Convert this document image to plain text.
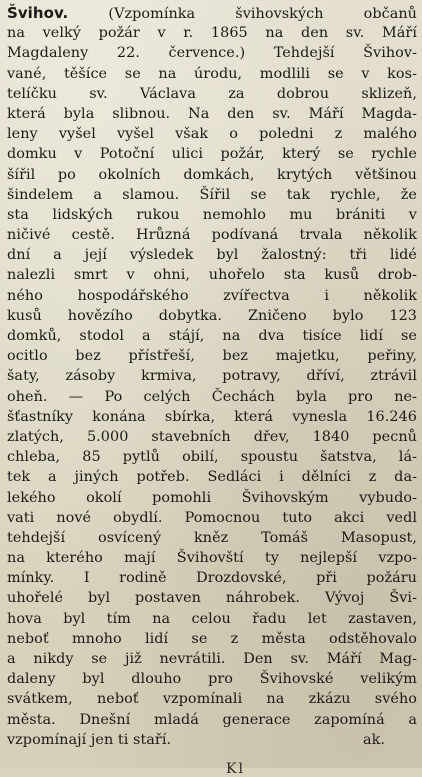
Švihov.	(Vzpomínka švihovských občanů
na velký požár v r. 1865 na den sv. Máří
Magdaleny 22. července.) Tehdejší Švihov-
vané, těšíce se na úrodu, modlili se v kos-
telíčku sv. Václava za dobrou sklizeň,
která byla slibnou. Na den sv. Máří Magda-
leny vyšel vyšel však o poledni z malého
domku v Potoční ulici požár, který se rychle
šířil po okolních domkách, krytých většinou
šindelem a slamou. Šířil se tak rychle, že
sta lidských rukou nemohlo mu brániti v
ničivé cestě. Hrůzná podívaná trvala několik
dní a její výsledek byl žalostný: tři lidé
nalezli smrt v ohni, uhořelo sta kusů drob-
ného hospodářského zvířectva i několik
kusů hovězího dobytka. Zničeno bylo 123
domků, stodol a stájí, na dva tisíce lidí se
ocitlo bez přístřeší, bez majetku, peřiny,
šaty, zásoby krmiva, potravy, dříví, ztrávil
oheň. — Po celých Čechách byla pro ne-
šťastníky konána sbírka, která vynesla 16.246
zlatých, 5.000 stavebních dřev, 1840 pecnů
chleba, 85 pytlů obilí, spoustu šatstva, lá-
tek a jiných potřeb. Sedláci i dělníci z da-
lekého okolí pomohli Švihovským vybudo-
vati nové obydlí. Pomocnou tuto akci vedl
tehdejší osvícený kněz Tomáš Masopust,
na kterého mají Švihovští ty nejlepší vzpo-
mínky. I rodině Drozdovské, při požáru
uhořelé byl postaven náhrobek. Vývoj Švi-
hova byl tím na celou řadu let zastaven,
neboť mnoho lidí se z města odstěhovalo
a nikdy se již nevrátili. Den sv. Máří Mag-
daleny byl dlouho pro Švihovské velikým
svátkem, neboť vzpomínali na zkázu svého
města. Dnešní mladá generace zapomíná a
vzpomínají jen ti staří.	ak.
Kl
